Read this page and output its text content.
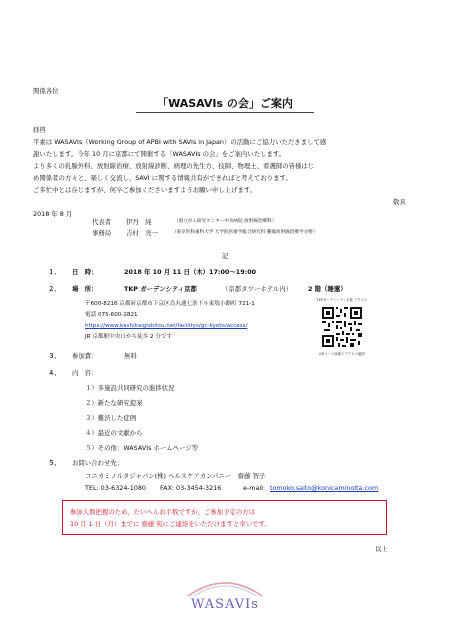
関係各位
「WASAVIs の会」ご案内
拝啓
平素は WASAVIs（Working Group of APBI with SAVIs in Japan）の活動にご協力いただきまして感
謝いたします。今年 10 月に京都にて開催する「WASAVIs の会」をご案内いたします。
より多くの乳腺外科、放射線治療、放射線診断、病理の先生方、技師、物理士、看護師の皆様はじ
め関係者の方々と、楽しく交流し、SAVI に関する情報共有ができればと考えております。
ご多忙中とは存じますが、何卒ご参加くださいますようお願い申し上げます。
敬具
2018 年 8 月
代表者 伊丹　純	（国立がん研究センター中央病院 放射線治療科）
事務局 吉村　亮一	（東京医科歯科大学 大学院医歯学総合研究科 腫瘍放射線治療学分野）
記
１． 日　時：	2018 年 10 月 11 日（木）17:00～19:00
２． 場　所：	TKP ガーデンシティ京都	（京都タワーホテル内）	2 階（睡蓮）
〒600-8216 京都府京都市下京区烏丸通七条下ル東塩小路町 721-1
電話 075-600-2821
https://www.kashikaigishitsu.net/facilitys/gc-kyoto/access/
JR 京都駅中央口から徒歩 2 分です
TKPガーデンシティ京都 アクセス
QRコード画像でアクセス確認
３． 参加費：	無料
４． 内　容：
１）多施設共同研究の進捗状況
２）新たな研究提案
３）難渋した症例
４）最近の文献から
５）その他：WASAVIs ホームページ等
５． お問い合わせ先：
コニカミノルタジャパン(株) ヘルスケアカンパニー　齋藤 智子
TEL: 03-6324-1080 FAX: 03-3454-3216	e-mail: tomoko.saito@konicaminolta.com
参加人数把握のため、たいへんお手数ですが、ご参加予定の方は
10 月 1 日（月）までに 齋藤 宛にご連絡をいただけますと幸いです。
以上
WASAVIs
